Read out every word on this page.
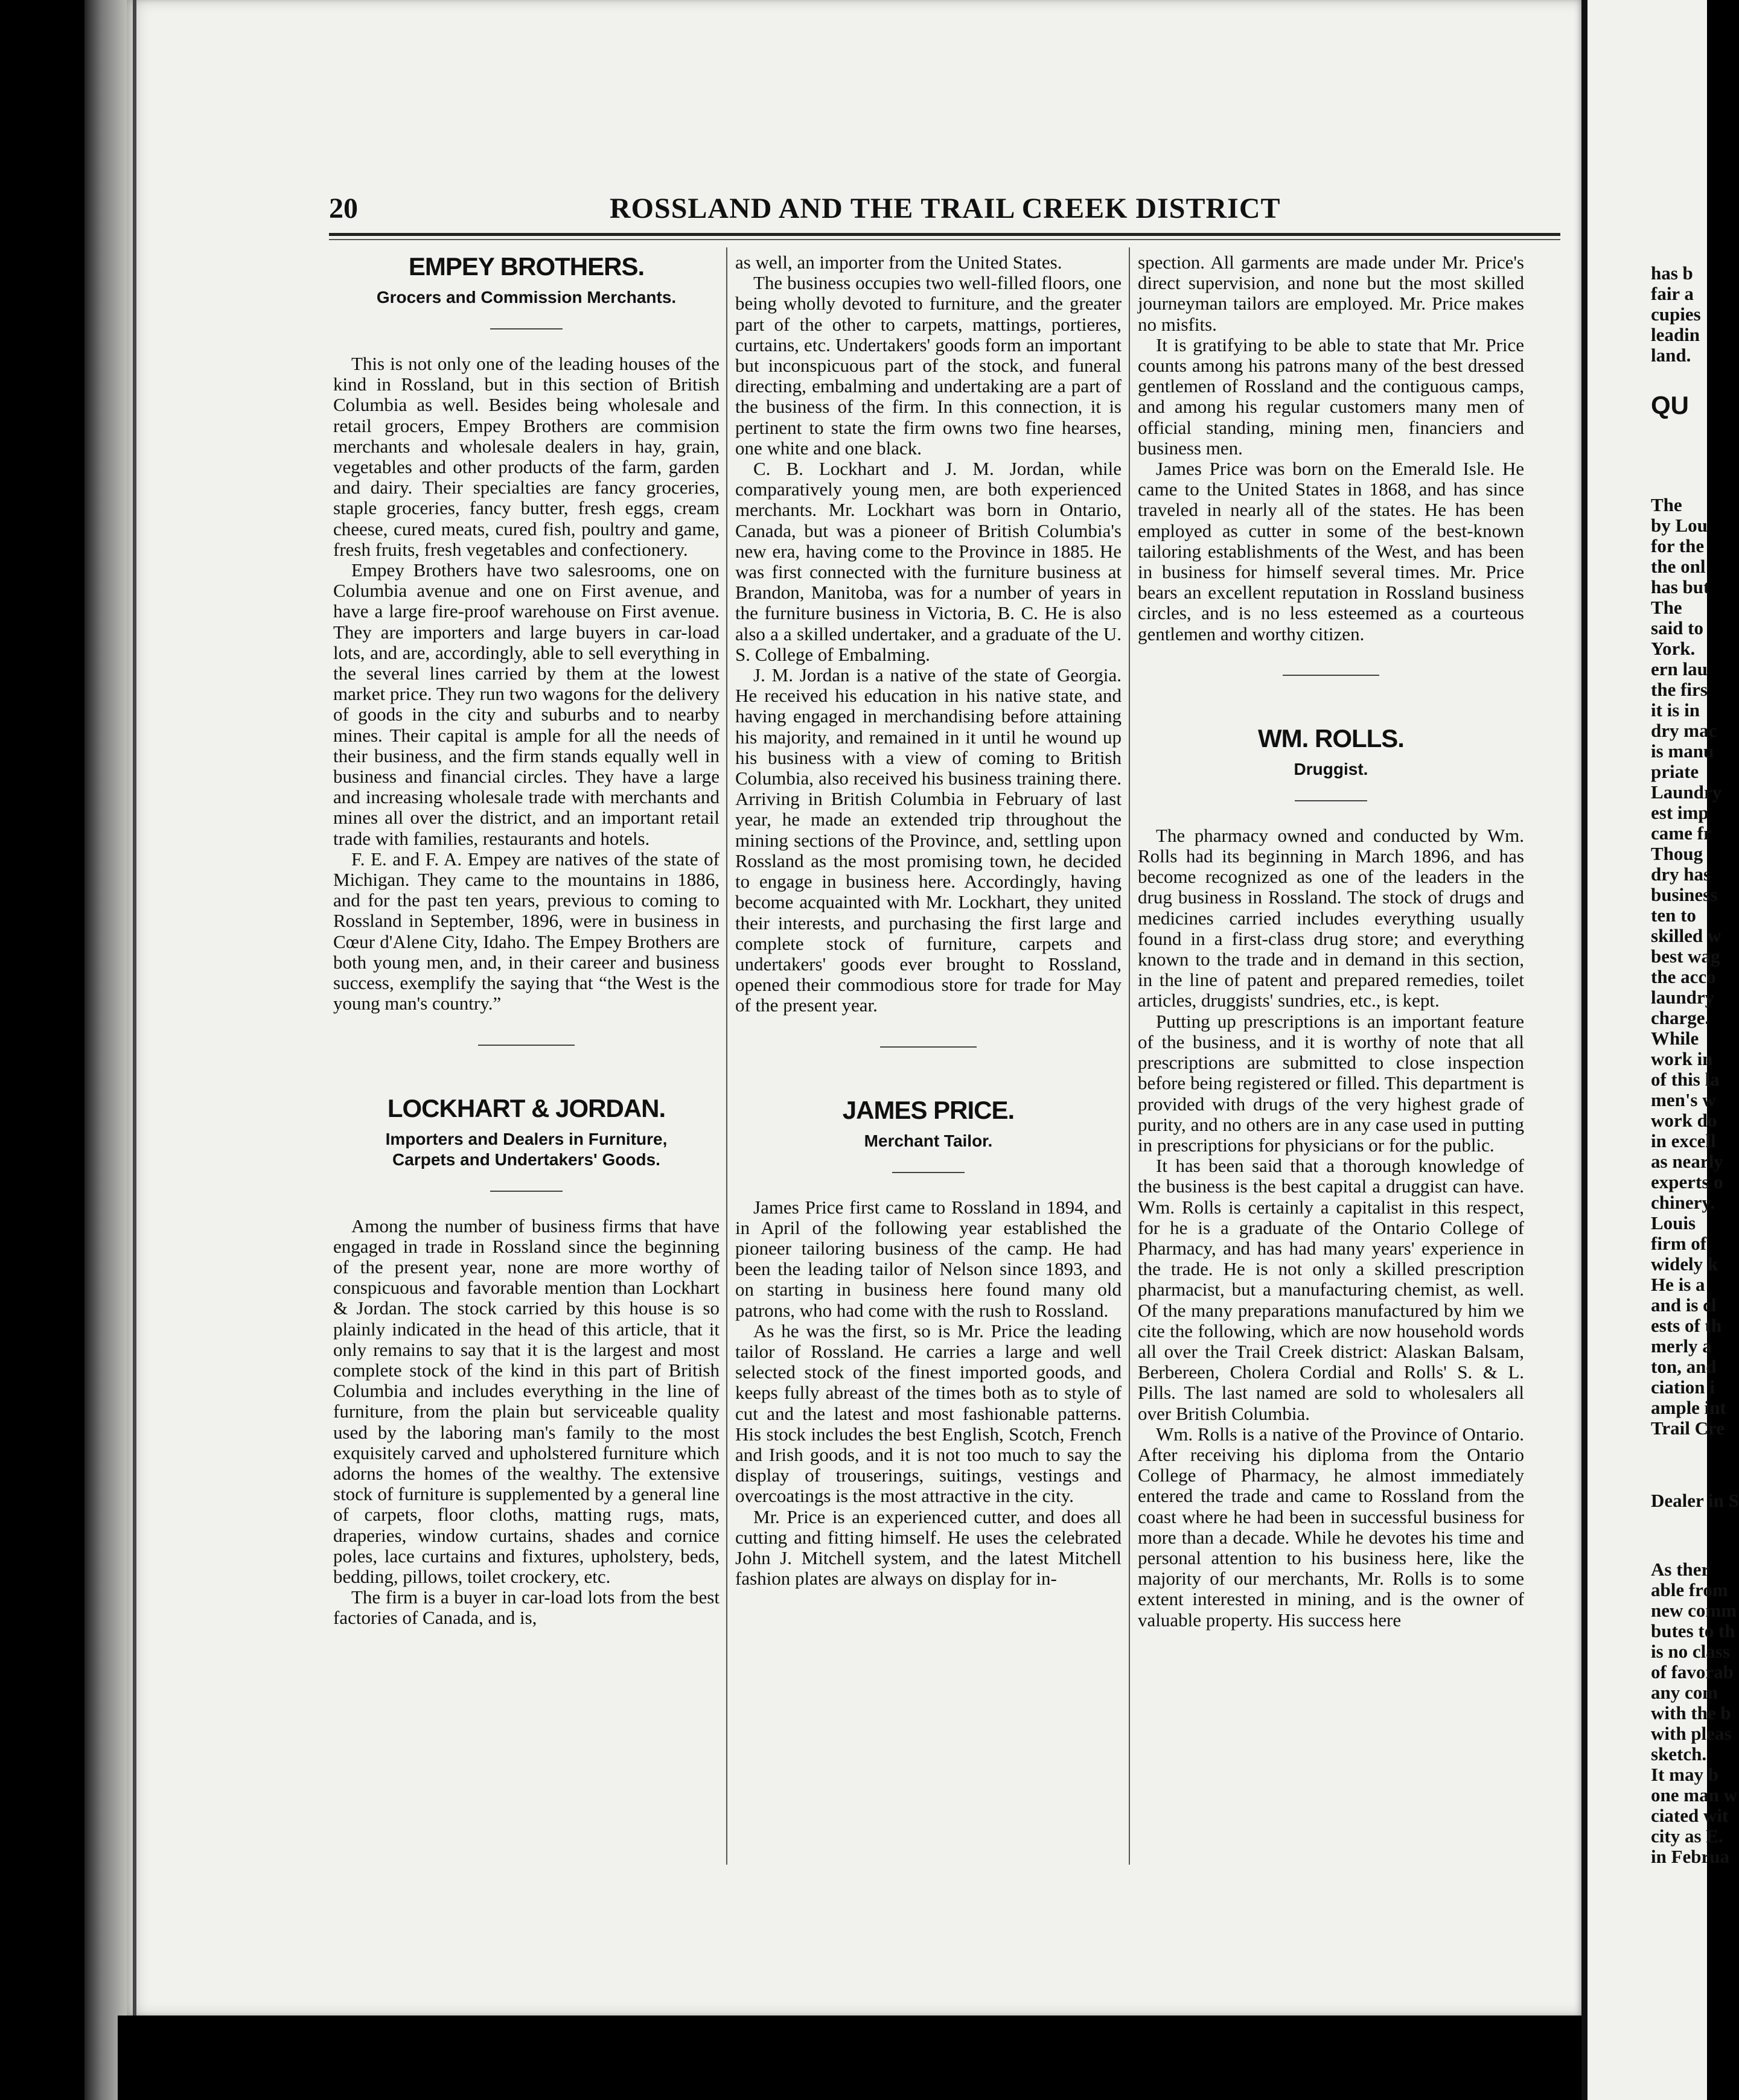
20	ROSSLAND AND THE TRAIL CREEK DISTRICT
EMPEY BROTHERS.
Grocers and Commission Merchants.

This is not only one of the leading houses of the kind in Rossland, but in this section of British Columbia as well. Besides being wholesale and retail grocers, Empey Brothers are commision merchants and wholesale dealers in hay, grain, vegetables and other products of the farm, garden and dairy. Their specialties are fancy groceries, staple groceries, fancy butter, fresh eggs, cream cheese, cured meats, cured fish, poultry and game, fresh fruits, fresh vegetables and confectionery.

Empey Brothers have two salesrooms, one on Columbia avenue and one on First avenue, and have a large fire-proof warehouse on First avenue. They are importers and large buyers in car-load lots, and are, accordingly, able to sell everything in the several lines carried by them at the lowest market price. They run two wagons for the delivery of goods in the city and suburbs and to nearby mines. Their capital is ample for all the needs of their business, and the firm stands equally well in business and financial circles. They have a large and increasing wholesale trade with merchants and mines all over the district, and an important retail trade with families, restaurants and hotels.

F. E. and F. A. Empey are natives of the state of Michigan. They came to the mountains in 1886, and for the past ten years, previous to coming to Rossland in September, 1896, were in business in Cœur d'Alene City, Idaho. The Empey Brothers are both young men, and, in their career and business success, exemplify the saying that “the West is the young man's country.”

LOCKHART & JORDAN.
Importers and Dealers in Furniture, Carpets and Undertakers' Goods.

Among the number of business firms that have engaged in trade in Rossland since the beginning of the present year, none are more worthy of conspicuous and favorable mention than Lockhart & Jordan. The stock carried by this house is so plainly indicated in the head of this article, that it only remains to say that it is the largest and most complete stock of the kind in this part of British Columbia and includes everything in the line of furniture, from the plain but serviceable quality used by the laboring man's family to the most exquisitely carved and upholstered furniture which adorns the homes of the wealthy. The extensive stock of furniture is supplemented by a general line of carpets, floor cloths, matting rugs, mats, draperies, window curtains, shades and cornice poles, lace curtains and fixtures, upholstery, beds, bedding, pillows, toilet crockery, etc.

The firm is a buyer in car-load lots from the best factories of Canada, and is,

as well, an importer from the United States.

The business occupies two well-filled floors, one being wholly devoted to furniture, and the greater part of the other to carpets, mattings, portieres, curtains, etc. Undertakers' goods form an important but inconspicuous part of the stock, and funeral directing, embalming and undertaking are a part of the business of the firm. In this connection, it is pertinent to state the firm owns two fine hearses, one white and one black.

C. B. Lockhart and J. M. Jordan, while comparatively young men, are both experienced merchants. Mr. Lockhart was born in Ontario, Canada, but was a pioneer of British Columbia's new era, having come to the Province in 1885. He was first connected with the furniture business at Brandon, Manitoba, was for a number of years in the furniture business in Victoria, B. C. He is also also a a skilled undertaker, and a graduate of the U. S. College of Embalming.

J. M. Jordan is a native of the state of Georgia. He received his education in his native state, and having engaged in merchandising before attaining his majority, and remained in it until he wound up his business with a view of coming to British Columbia, also received his business training there. Arriving in British Columbia in February of last year, he made an extended trip throughout the mining sections of the Province, and, settling upon Rossland as the most promising town, he decided to engage in business here. Accordingly, having become acquainted with Mr. Lockhart, they united their interests, and purchasing the first large and complete stock of furniture, carpets and undertakers' goods ever brought to Rossland, opened their commodious store for trade for May of the present year.

JAMES PRICE.
Merchant Tailor.

James Price first came to Rossland in 1894, and in April of the following year established the pioneer tailoring business of the camp. He had been the leading tailor of Nelson since 1893, and on starting in business here found many old patrons, who had come with the rush to Rossland.

As he was the first, so is Mr. Price the leading tailor of Rossland. He carries a large and well selected stock of the finest imported goods, and keeps fully abreast of the times both as to style of cut and the latest and most fashionable patterns. His stock includes the best English, Scotch, French and Irish goods, and it is not too much to say the display of trouserings, suitings, vestings and overcoatings is the most attractive in the city.

Mr. Price is an experienced cutter, and does all cutting and fitting himself. He uses the celebrated John J. Mitchell system, and the latest Mitchell fashion plates are always on display for in-

spection. All garments are made under Mr. Price's direct supervision, and none but the most skilled journeyman tailors are employed. Mr. Price makes no misfits.

It is gratifying to be able to state that Mr. Price counts among his patrons many of the best dressed gentlemen of Rossland and the contiguous camps, and among his regular customers many men of official standing, mining men, financiers and business men.

James Price was born on the Emerald Isle. He came to the United States in 1868, and has since traveled in nearly all of the states. He has been employed as cutter in some of the best-known tailoring establishments of the West, and has been in business for himself several times. Mr. Price bears an excellent reputation in Rossland business circles, and is no less esteemed as a courteous gentlemen and worthy citizen.

WM. ROLLS.
Druggist.

The pharmacy owned and conducted by Wm. Rolls had its beginning in March 1896, and has become recognized as one of the leaders in the drug business in Rossland. The stock of drugs and medicines carried includes everything usually found in a first-class drug store; and everything known to the trade and in demand in this section, in the line of patent and prepared remedies, toilet articles, druggists' sundries, etc., is kept.

Putting up prescriptions is an important feature of the business, and it is worthy of note that all prescriptions are submitted to close inspection before being registered or filled. This department is provided with drugs of the very highest grade of purity, and no others are in any case used in putting in prescriptions for physicians or for the public.

It has been said that a thorough knowledge of the business is the best capital a druggist can have. Wm. Rolls is certainly a capitalist in this respect, for he is a graduate of the Ontario College of Pharmacy, and has had many years' experience in the trade. He is not only a skilled prescription pharmacist, but a manufacturing chemist, as well. Of the many preparations manufactured by him we cite the following, which are now household words all over the Trail Creek district: Alaskan Balsam, Berbereen, Cholera Cordial and Rolls' S. & L. Pills. The last named are sold to wholesalers all over British Columbia.

Wm. Rolls is a native of the Province of Ontario. After receiving his diploma from the Ontario College of Pharmacy, he almost immediately entered the trade and came to Rossland from the coast where he had been in successful business for more than a decade. While he devotes his time and personal attention to his business here, like the majority of our merchants, Mr. Rolls is to some extent interested in mining, and is the owner of valuable property. His success here

has b
fair a
cupies
leadin
land.
QU
The
by Lou
for the
the onl
has but
The
said to
York.
ern lau
the firs
it is in
dry mac
is manu
priate
Laundry
est imp
came fr
Thoug
dry has
business
ten to
skilled w
best wag
the acco
laundry
charge.
While
work in
of this la
men's w
work do
in excell
as nearly
experts o
chinery.
Louis
firm of
widely k
He is a
and is cl
ests of th
merly a
ton, and
ciation i
ample int
Trail Cre
Dealer in S
As ther
able from
new comm
butes to th
is no class
of favorab
any com
with the b
with pleas
sketch.
It may b
one man w
ciated wit
city as E.
in Februa
